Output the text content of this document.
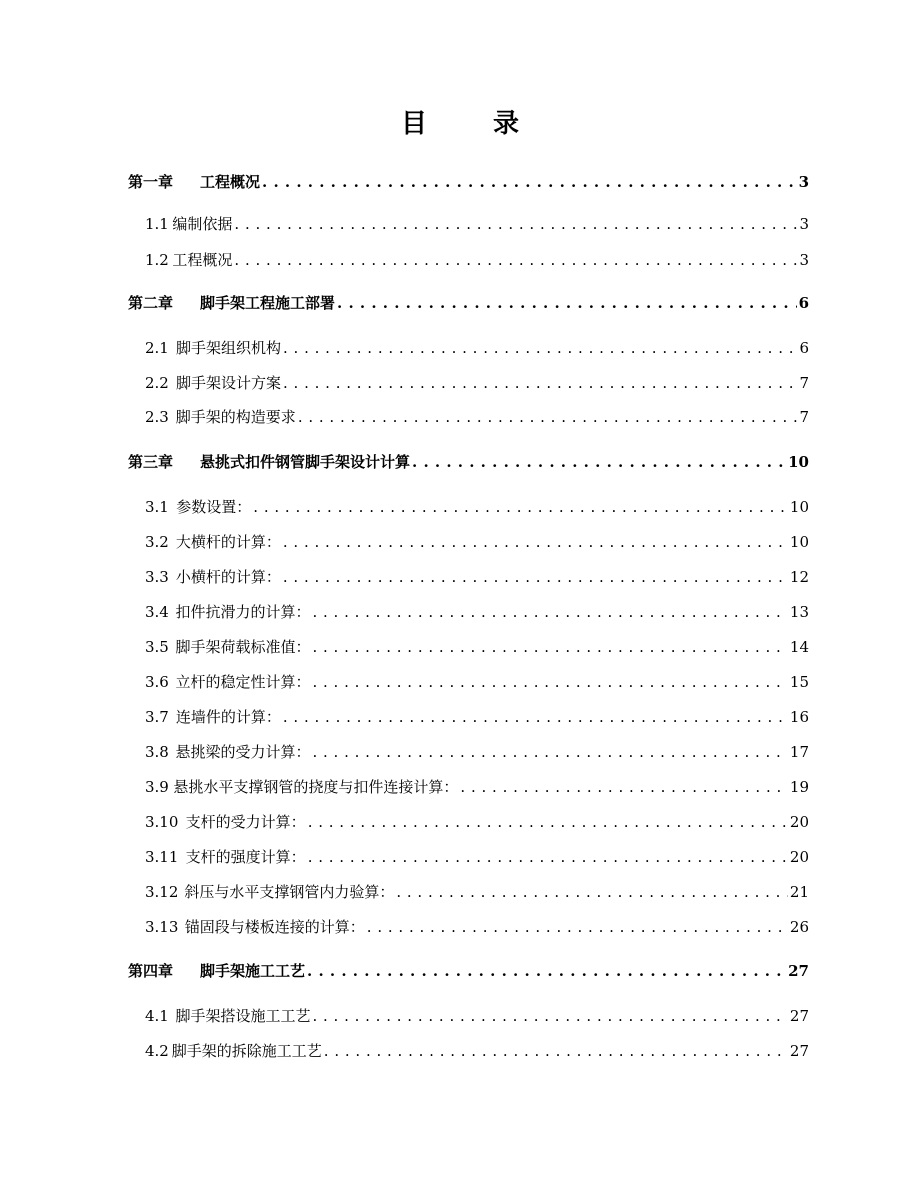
目　录
第一章	工程概况 . . .	3
1.1 编制依据 . . .	3
1.2 工程概况 . . .	3
第二章	脚手架工程施工部署 . . .	6
2.1 脚手架组织机构 . . .	6
2.2 脚手架设计方案 . . .	7
2.3 脚手架的构造要求 . . .	7
第三章	悬挑式扣件钢管脚手架设计计算 . . .	10
3.1 参数设置： . . .	10
3.2 大横杆的计算： . . .	10
3.3 小横杆的计算： . . .	12
3.4 扣件抗滑力的计算： . . .	13
3.5 脚手架荷载标准值： . . .	14
3.6 立杆的稳定性计算： . . .	15
3.7 连墙件的计算： . . .	16
3.8 悬挑梁的受力计算： . . .	17
3.9 悬挑水平支撑钢管的挠度与扣件连接计算： . . .	19
3.10 支杆的受力计算： . . .	20
3.11 支杆的强度计算： . . .	20
3.12 斜压与水平支撑钢管内力验算： . . .	21
3.13 锚固段与楼板连接的计算： . . .	26
第四章	脚手架施工工艺 . . .	27
4.1 脚手架搭设施工工艺 . . .	27
4.2 脚手架的拆除施工工艺 . . .	27
